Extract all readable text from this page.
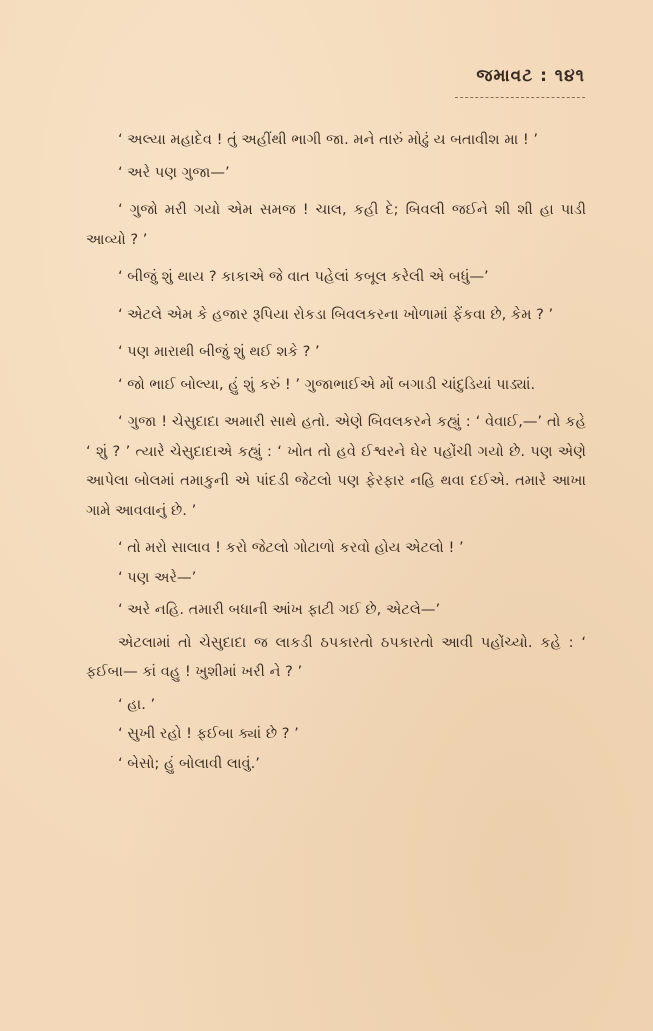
જમાવટ : ૧૪૧

‘ અલ્યા મહાદેવ ! તું અહીંથી ભાગી જા. મને તારું મોઢું ય બતાવીશ મા ! ’

‘ અરે પણ ગુજા—’

‘ ગુજો મરી ગયો એમ સમજ ! ચાલ, કહી દે; બિવલી જઈને શી શી હા પાડી આવ્યો ? ’

‘ બીજું શું થાય ? કાકાએ જે વાત પહેલાં કબૂલ કરેલી એ બધું—’

‘ એટલે એમ કે હજાર રૂપિયા રોકડા બિવલકરના ખોળામાં ફેંકવા છે, કેમ ? ’

‘ પણ મારાથી બીજું શું થઈ શકે ? ’

‘ જો ભાઈ બોલ્યા, હું શું કરું ! ’ ગુજાભાઈએ મોં બગાડી ચાંદુડિયાં પાડ્યાં.

‘ ગુજા ! ચેસુદાદા અમારી સાથે હતો. એણે બિવલકરને કહ્યું : ‘ વેવાઈ,—’ તો કહે ‘ શું ? ’ ત્યારે ચેસુદાદાએ કહ્યું : ‘ ખોત તો હવે ઈશ્વરને ઘેર પહોંચી ગયો છે. પણ એણે આપેલા બોલમાં તમાકુની એ પાંદડી જેટલો પણ ફેરફાર નહિ થવા દઈએ. તમારે આખા ગામે આવવાનું છે. ’

‘ તો મરો સાલાવ ! કરો જેટલો ગોટાળો કરવો હોય એટલો ! ’

‘ પણ અરે—’

‘ અરે નહિ. તમારી બધાની આંખ ફાટી ગઈ છે, એટલે—’

એટલામાં તો ચેસુદાદા જ લાકડી ઠપકારતો ઠપકારતો આવી પહોંચ્યો. કહે : ‘ ફઈબા— કાં વહુ ! ખુશીમાં ખરી ને ? ’

‘ હા. ’

‘ સુખી રહો ! ફઈબા ક્યાં છે ? ’

‘ બેસો; હું બોલાવી લાવું.’
